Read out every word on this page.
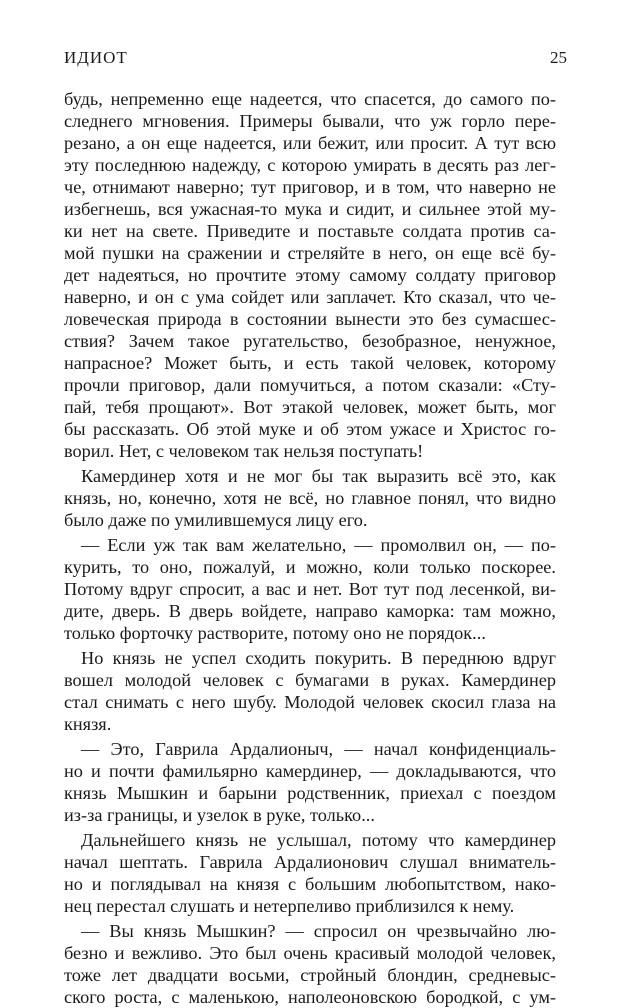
ИДИОТ	25
будь, непременно еще надеется, что спасется, до самого по-
следнего мгновения. Примеры бывали, что уж горло пере-
резано, а он еще надеется, или бежит, или просит. А тут всю
эту последнюю надежду, с которою умирать в десять раз лег-
че, отнимают наверно; тут приговор, и в том, что наверно не
избегнешь, вся ужасная-то мука и сидит, и сильнее этой му-
ки нет на свете. Приведите и поставьте солдата против са-
мой пушки на сражении и стреляйте в него, он еще всё бу-
дет надеяться, но прочтите этому самому солдату приговор
наверно, и он с ума сойдет или заплачет. Кто сказал, что че-
ловеческая природа в состоянии вынести это без сумасшес-
ствия? Зачем такое ругательство, безобразное, ненужное,
напрасное? Может быть, и есть такой человек, которому
прочли приговор, дали помучиться, а потом сказали: «Сту-
пай, тебя прощают». Вот этакой человек, может быть, мог
бы рассказать. Об этой муке и об этом ужасе и Христос го-
ворил. Нет, с человеком так нельзя поступать!
Камердинер хотя и не мог бы так выразить всё это, как
князь, но, конечно, хотя не всё, но главное понял, что видно
было даже по умилившемуся лицу его.
— Если уж так вам желательно, — промолвил он, — по-
курить, то оно, пожалуй, и можно, коли только поскорее.
Потому вдруг спросит, а вас и нет. Вот тут под лесенкой, ви-
дите, дверь. В дверь войдете, направо каморка: там можно,
только форточку растворите, потому оно не порядок...
Но князь не успел сходить покурить. В переднюю вдруг
вошел молодой человек с бумагами в руках. Камердинер
стал снимать с него шубу. Молодой человек скосил глаза на
князя.
— Это, Гаврила Ардалионыч, — начал конфиденциаль-
но и почти фамильярно камердинер, — докладываются, что
князь Мышкин и барыни родственник, приехал с поездом
из-за границы, и узелок в руке, только...
Дальнейшего князь не услышал, потому что камердинер
начал шептать. Гаврила Ардалионович слушал вниматель-
но и поглядывал на князя с большим любопытством, нако-
нец перестал слушать и нетерпеливо приблизился к нему.
— Вы князь Мышкин? — спросил он чрезвычайно лю-
безно и вежливо. Это был очень красивый молодой человек,
тоже лет двадцати восьми, стройный блондин, средневыс-
ского роста, с маленькою, наполеоновскою бородкой, с ум-
